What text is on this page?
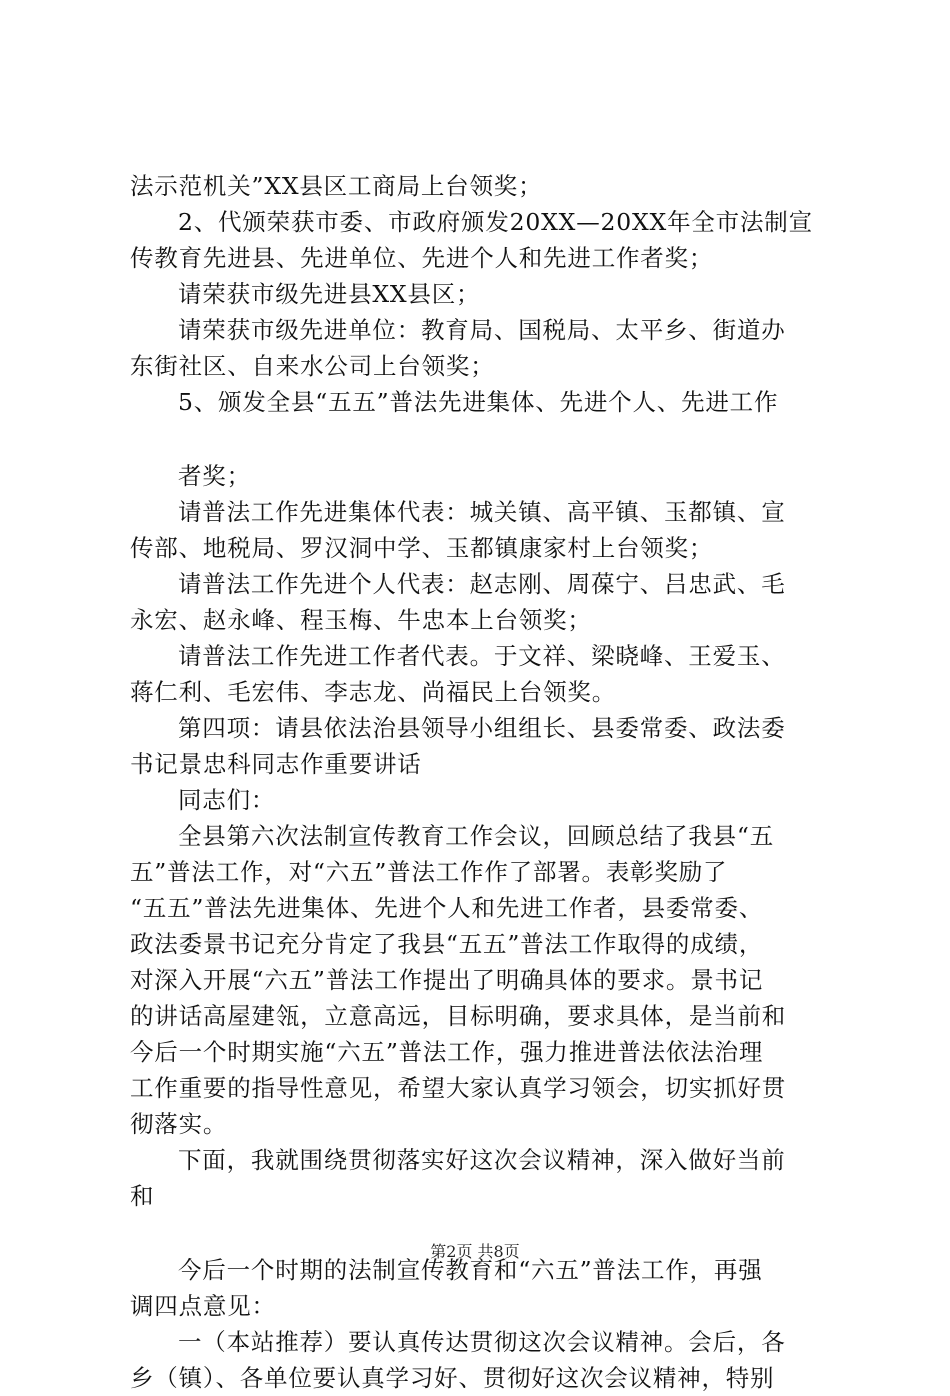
法示范机关”XX县区工商局上台领奖；
2、代颁荣获市委、市政府颁发20XX—20XX年全市法制宣
传教育先进县、先进单位、先进个人和先进工作者奖；
请荣获市级先进县XX县区；
请荣获市级先进单位：教育局、国税局、太平乡、街道办
东街社区、自来水公司上台领奖；
5、颁发全县“五五”普法先进集体、先进个人、先进工作
者奖；
请普法工作先进集体代表：城关镇、高平镇、玉都镇、宣
传部、地税局、罗汉洞中学、玉都镇康家村上台领奖；
请普法工作先进个人代表：赵志刚、周葆宁、吕忠武、毛
永宏、赵永峰、程玉梅、牛忠本上台领奖；
请普法工作先进工作者代表。于文祥、梁晓峰、王爱玉、
蒋仁利、毛宏伟、李志龙、尚福民上台领奖。
第四项：请县依法治县领导小组组长、县委常委、政法委
书记景忠科同志作重要讲话
同志们：
全县第六次法制宣传教育工作会议，回顾总结了我县“五
五”普法工作，对“六五”普法工作作了部署。表彰奖励了
“五五”普法先进集体、先进个人和先进工作者，县委常委、
政法委景书记充分肯定了我县“五五”普法工作取得的成绩，
对深入开展“六五”普法工作提出了明确具体的要求。景书记
的讲话高屋建瓴，立意高远，目标明确，要求具体，是当前和
今后一个时期实施“六五”普法工作，强力推进普法依法治理
工作重要的指导性意见，希望大家认真学习领会，切实抓好贯
彻落实。
下面，我就围绕贯彻落实好这次会议精神，深入做好当前
和
今后一个时期的法制宣传教育和“六五”普法工作，再强
调四点意见：
一（本站推荐）要认真传达贯彻这次会议精神。会后，各
乡（镇）、各单位要认真学习好、贯彻好这次会议精神，特别
第2页 共8页
